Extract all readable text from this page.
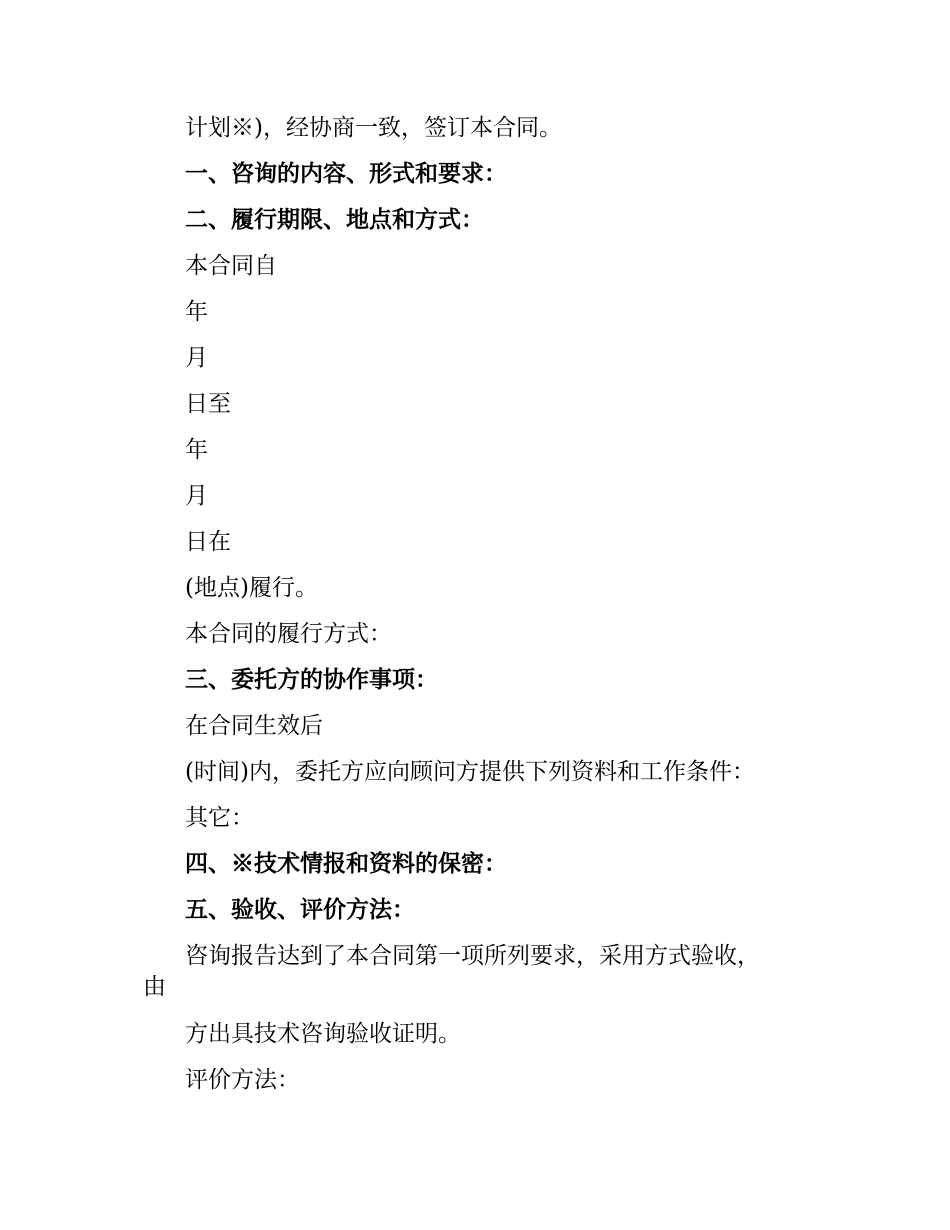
计划※)，经协商一致，签订本合同。

一、咨询的内容、形式和要求：

二、履行期限、地点和方式：

本合同自

年

月

日至

年

月

日在

(地点)履行。

本合同的履行方式：

三、委托方的协作事项：

在合同生效后

(时间)内，委托方应向顾问方提供下列资料和工作条件：

其它：

四、※技术情报和资料的保密：

五、验收、评价方法：

咨询报告达到了本合同第一项所列要求，采用方式验收，

由

方出具技术咨询验收证明。

评价方法：
